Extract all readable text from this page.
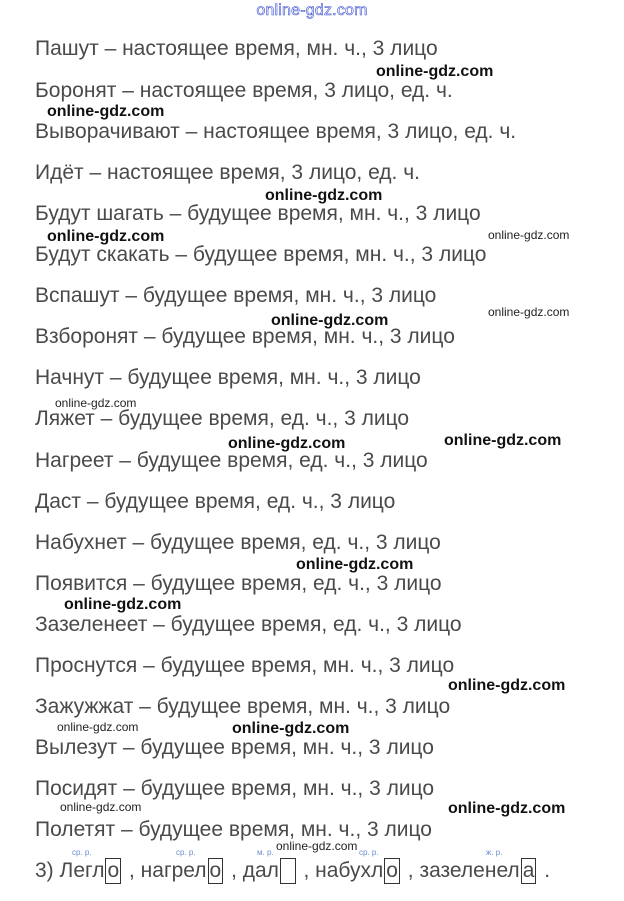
online-gdz.com
Пашут – настоящее время, мн. ч., 3 лицо
Боронят – настоящее время, 3 лицо, ед. ч.
Выворачивают – настоящее время, 3 лицо, ед. ч.
Идёт – настоящее время, 3 лицо, ед. ч.
Будут шагать – будущее время, мн. ч., 3 лицо
Будут скакать – будущее время, мн. ч., 3 лицо
Вспашут – будущее время, мн. ч., 3 лицо
Взборонят – будущее время, мн. ч., 3 лицо
Начнут – будущее время, мн. ч., 3 лицо
Ляжет – будущее время, ед. ч., 3 лицо
Нагреет – будущее время, ед. ч., 3 лицо
Даст – будущее время, ед. ч., 3 лицо
Набухнет – будущее время, ед. ч., 3 лицо
Появится – будущее время, ед. ч., 3 лицо
Зазеленеет – будущее время, ед. ч., 3 лицо
Проснутся – будущее время, мн. ч., 3 лицо
Зажужжат – будущее время, мн. ч., 3 лицо
Вылезут – будущее время, мн. ч., 3 лицо
Посидят – будущее время, мн. ч., 3 лицо
Полетят – будущее время, мн. ч., 3 лицо
online-gdz.com
online-gdz.com
online-gdz.com
online-gdz.com	online-gdz.com
online-gdz.com
online-gdz.com
online-gdz.com
online-gdz.com	online-gdz.com
online-gdz.com
online-gdz.com
online-gdz.com
online-gdz.com	online-gdz.com
online-gdz.com	online-gdz.com
online-gdz.com
ср. р.	ср. р.	м. р.	ср. р.	ж. р.
3) Легл о , нагрел о , дал , набухл о , зазеленел а .
